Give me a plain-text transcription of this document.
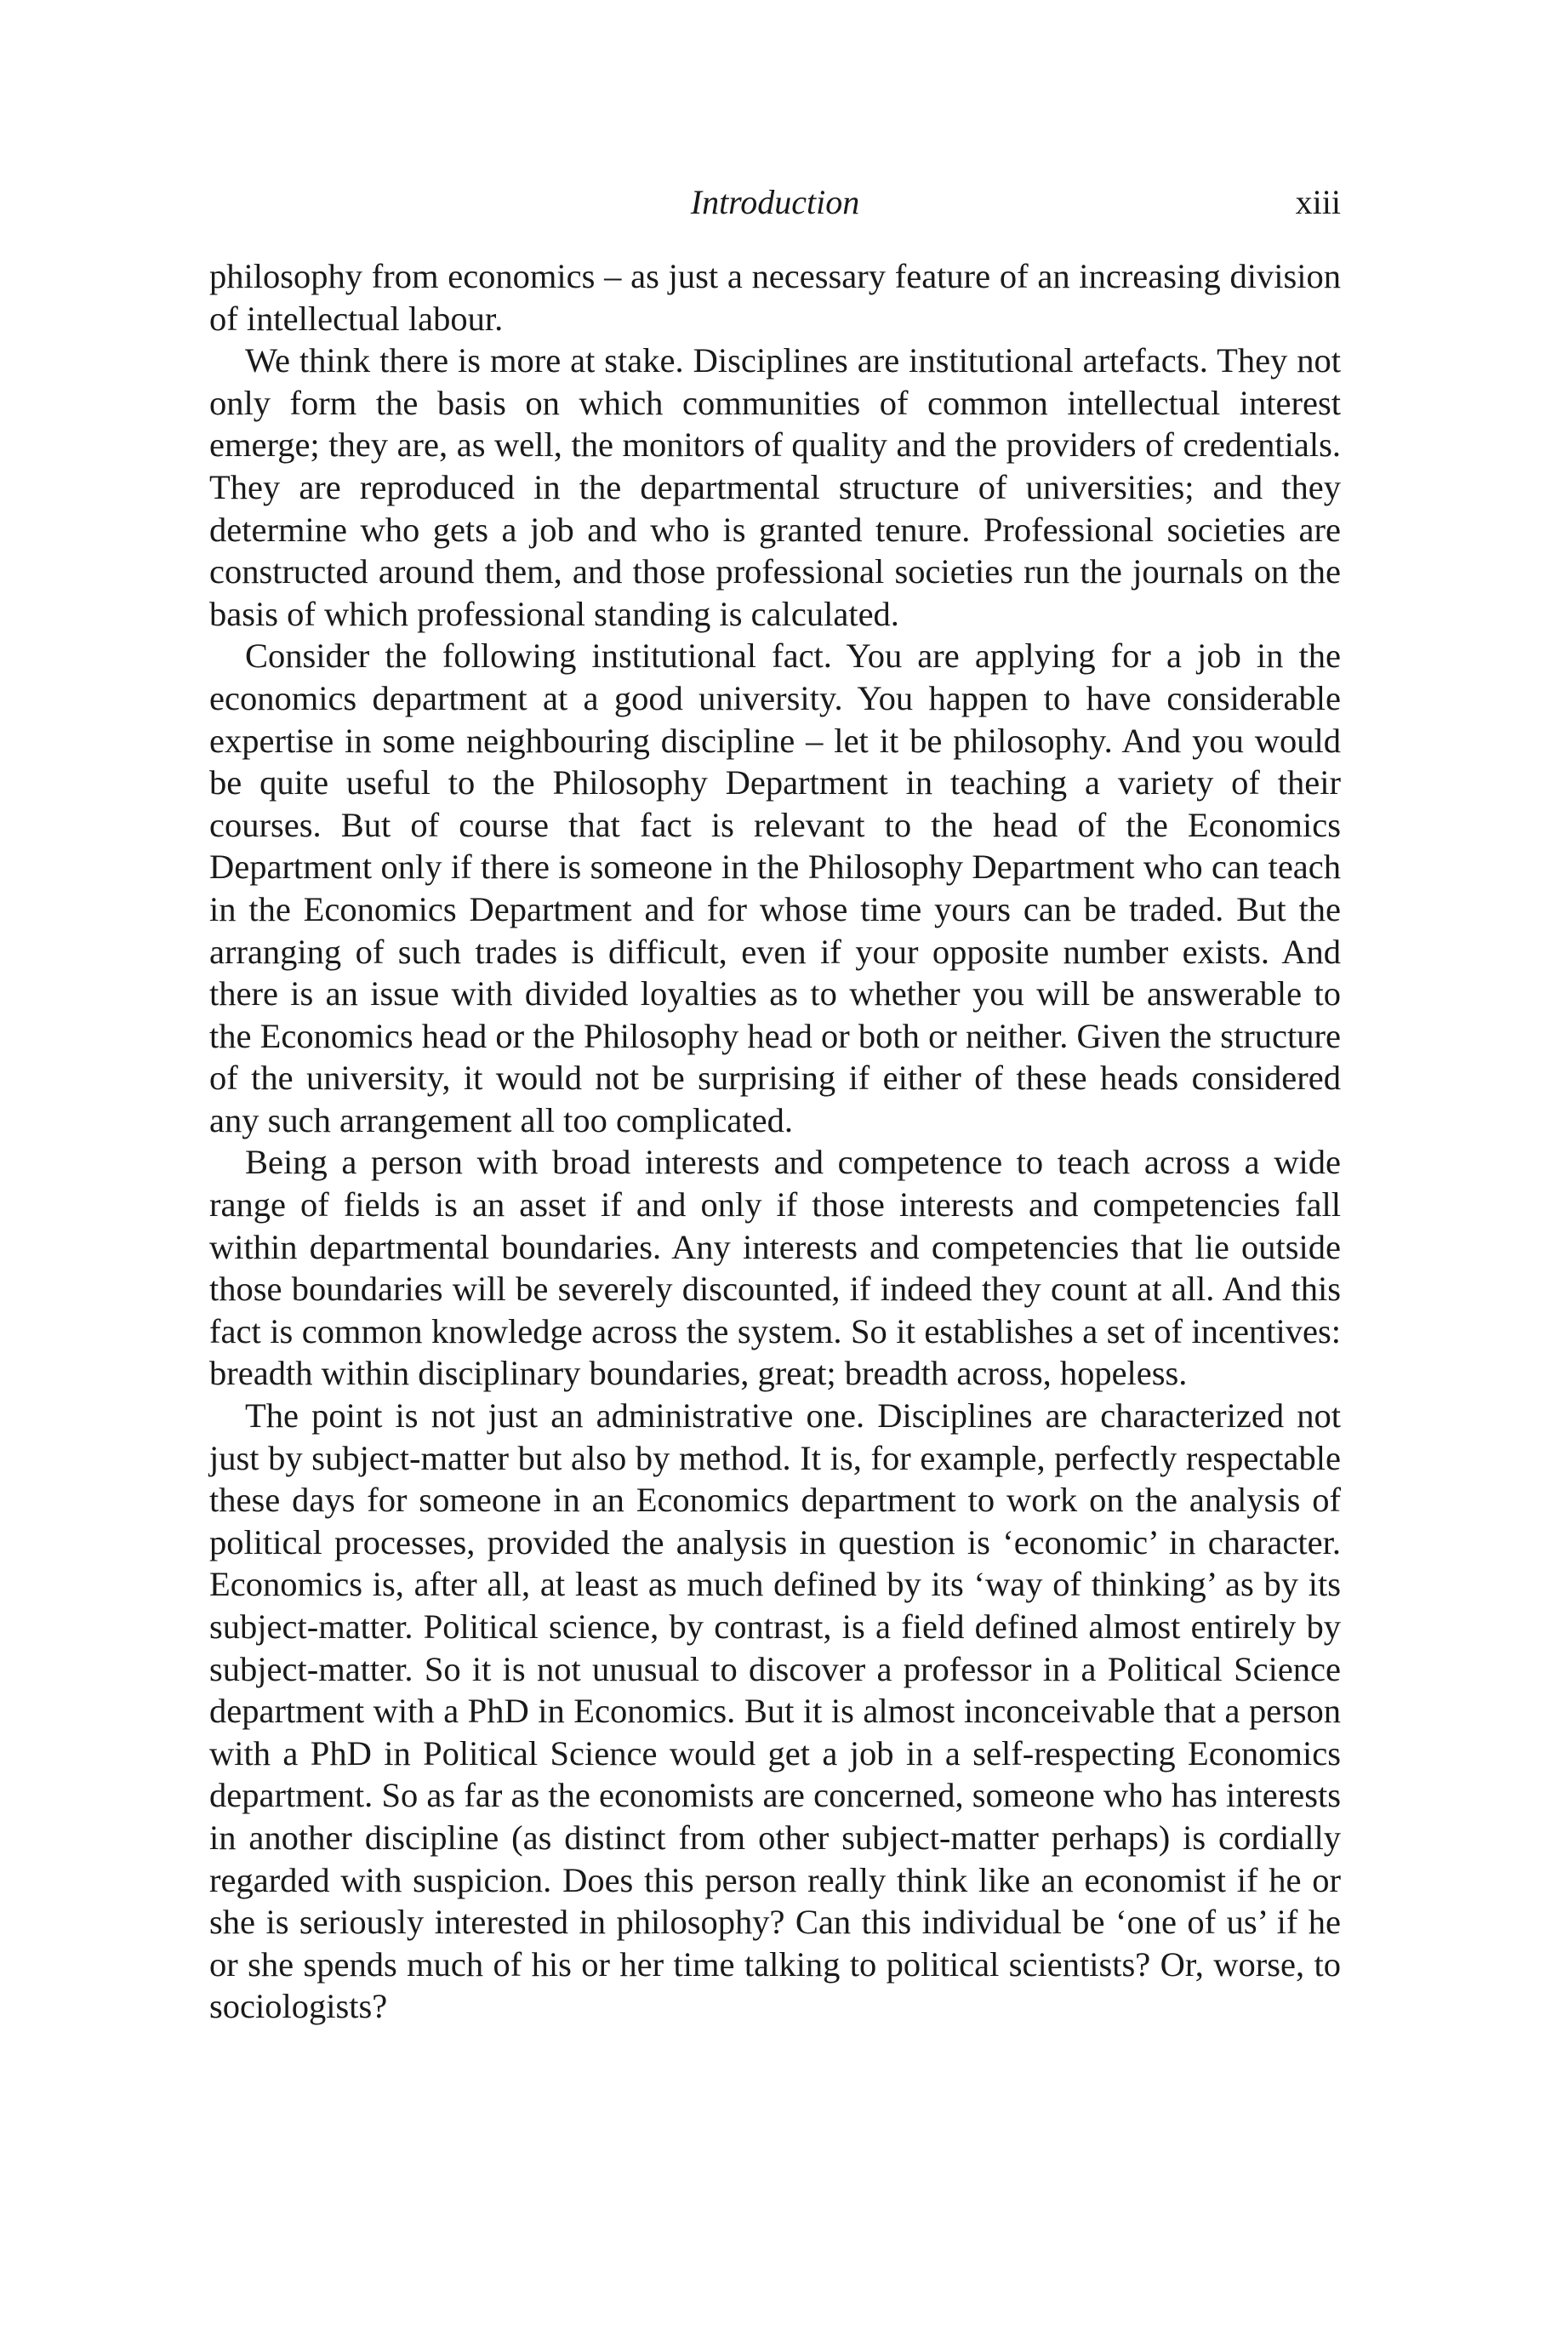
Introduction	xiii

philosophy from economics – as just a necessary feature of an increasing division of intellectual labour.

We think there is more at stake. Disciplines are institutional artefacts. They not only form the basis on which communities of common intellectual interest emerge; they are, as well, the monitors of quality and the providers of credentials. They are reproduced in the departmental structure of universities; and they determine who gets a job and who is granted tenure. Professional societies are constructed around them, and those professional societies run the journals on the basis of which professional standing is calculated.

Consider the following institutional fact. You are applying for a job in the economics department at a good university. You happen to have considerable expertise in some neighbouring discipline – let it be philosophy. And you would be quite useful to the Philosophy Department in teaching a variety of their courses. But of course that fact is relevant to the head of the Economics Department only if there is someone in the Philosophy Department who can teach in the Economics Department and for whose time yours can be traded. But the arranging of such trades is difficult, even if your opposite number exists. And there is an issue with divided loyalties as to whether you will be answerable to the Economics head or the Philosophy head or both or neither. Given the structure of the university, it would not be surprising if either of these heads considered any such arrangement all too complicated.

Being a person with broad interests and competence to teach across a wide range of fields is an asset if and only if those interests and competencies fall within departmental boundaries. Any interests and competencies that lie outside those boundaries will be severely discounted, if indeed they count at all. And this fact is common knowledge across the system. So it establishes a set of incentives: breadth within disciplinary boundaries, great; breadth across, hopeless.

The point is not just an administrative one. Disciplines are characterized not just by subject-matter but also by method. It is, for example, perfectly respectable these days for someone in an Economics department to work on the analysis of political processes, provided the analysis in question is ‘economic’ in character. Economics is, after all, at least as much defined by its ‘way of thinking’ as by its subject-matter. Political science, by contrast, is a field defined almost entirely by subject-matter. So it is not unusual to discover a professor in a Political Science department with a PhD in Economics. But it is almost inconceivable that a person with a PhD in Political Science would get a job in a self-respecting Economics department. So as far as the economists are concerned, someone who has interests in another discipline (as distinct from other subject-matter perhaps) is cordially regarded with suspicion. Does this person really think like an economist if he or she is seriously interested in philosophy? Can this individual be ‘one of us’ if he or she spends much of his or her time talking to political scientists? Or, worse, to sociologists?
